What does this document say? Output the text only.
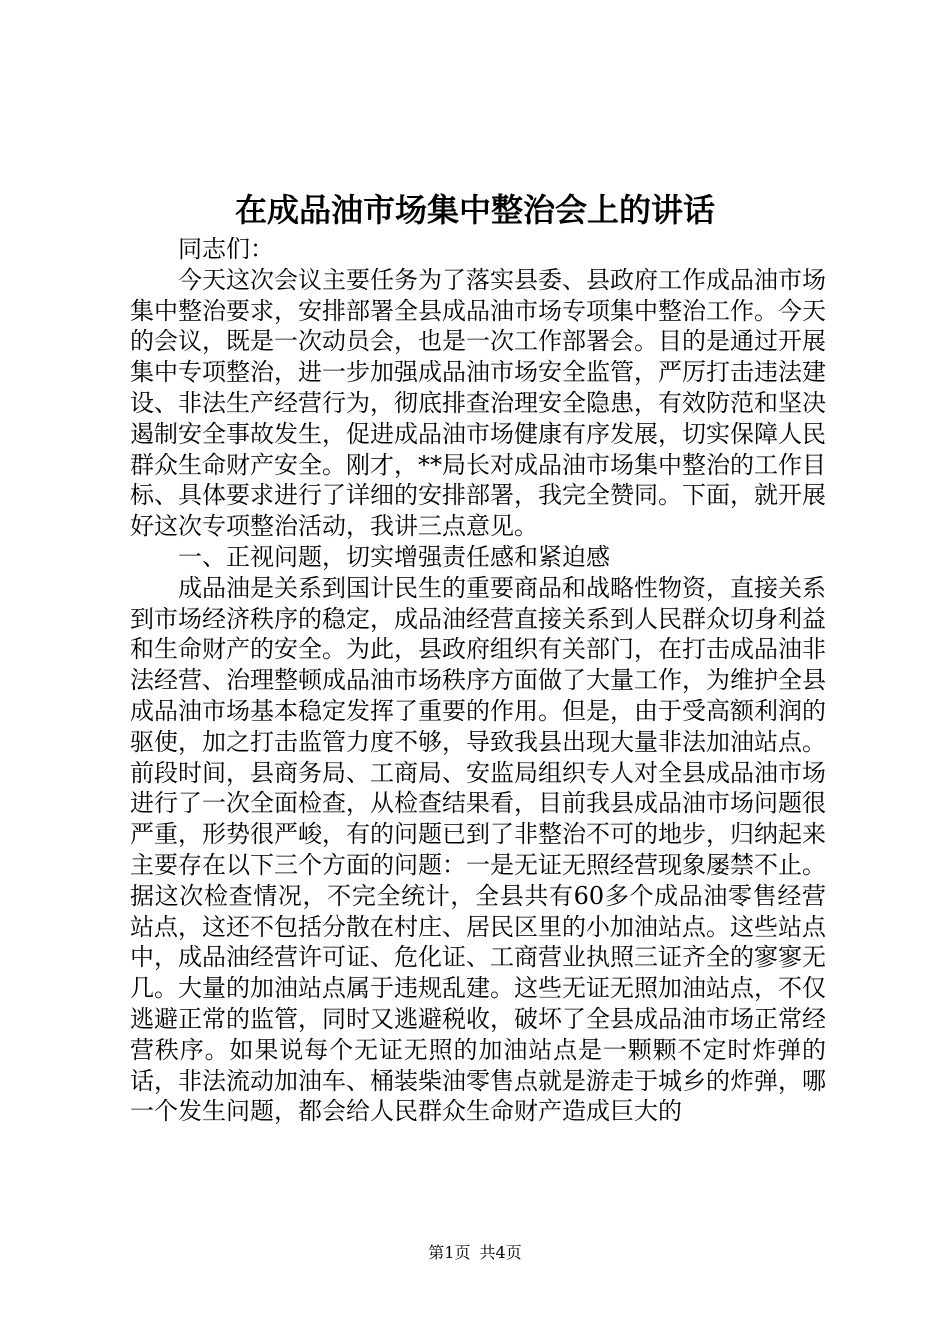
在成品油市场集中整治会上的讲话

同志们：

今天这次会议主要任务为了落实县委、县政府工作成品油市场集中整治要求，安排部署全县成品油市场专项集中整治工作。今天的会议，既是一次动员会，也是一次工作部署会。目的是通过开展集中专项整治，进一步加强成品油市场安全监管，严厉打击违法建设、非法生产经营行为，彻底排查治理安全隐患，有效防范和坚决遏制安全事故发生，促进成品油市场健康有序发展，切实保障人民群众生命财产安全。刚才，**局长对成品油市场集中整治的工作目标、具体要求进行了详细的安排部署，我完全赞同。下面，就开展好这次专项整治活动，我讲三点意见。

一、正视问题，切实增强责任感和紧迫感

成品油是关系到国计民生的重要商品和战略性物资，直接关系到市场经济秩序的稳定，成品油经营直接关系到人民群众切身利益和生命财产的安全。为此，县政府组织有关部门，在打击成品油非法经营、治理整顿成品油市场秩序方面做了大量工作，为维护全县成品油市场基本稳定发挥了重要的作用。但是，由于受高额利润的驱使，加之打击监管力度不够，导致我县出现大量非法加油站点。前段时间，县商务局、工商局、安监局组织专人对全县成品油市场进行了一次全面检查，从检查结果看，目前我县成品油市场问题很严重，形势很严峻，有的问题已到了非整治不可的地步，归纳起来主要存在以下三个方面的问题：一是无证无照经营现象屡禁不止。据这次检查情况，不完全统计，全县共有60多个成品油零售经营站点，这还不包括分散在村庄、居民区里的小加油站点。这些站点中，成品油经营许可证、危化证、工商营业执照三证齐全的寥寥无几。大量的加油站点属于违规乱建。这些无证无照加油站点，不仅逃避正常的监管，同时又逃避税收，破坏了全县成品油市场正常经营秩序。如果说每个无证无照的加油站点是一颗颗不定时炸弹的话，非法流动加油车、桶装柴油零售点就是游走于城乡的炸弹，哪一个发生问题，都会给人民群众生命财产造成巨大的

第1页 共4页
